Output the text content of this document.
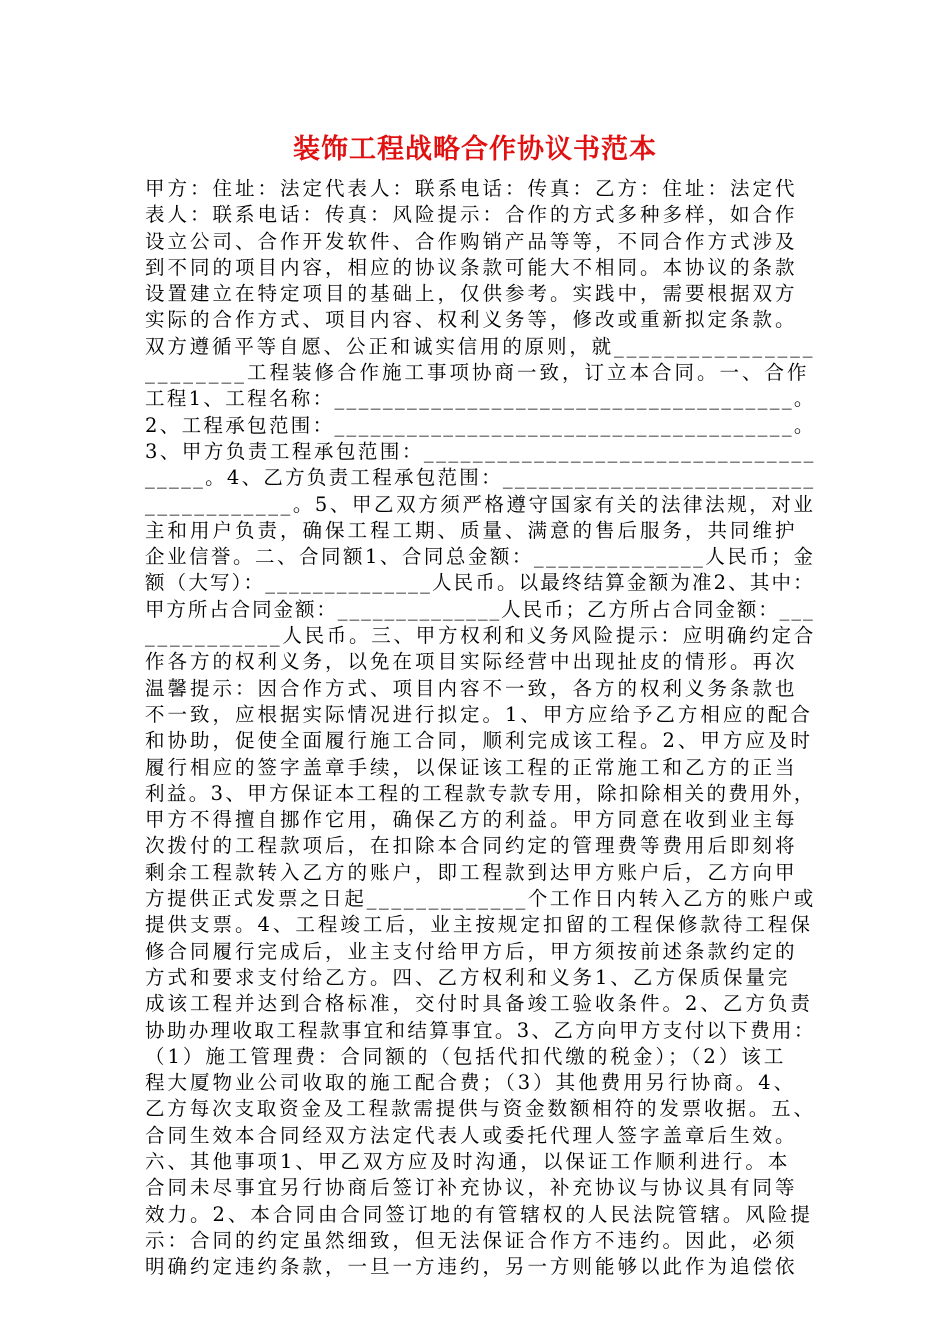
装饰工程战略合作协议书范本
甲方：住址：法定代表人：联系电话：传真：乙方：住址：法定代
表人：联系电话：传真：风险提示：合作的方式多种多样，如合作
设立公司、合作开发软件、合作购销产品等等，不同合作方式涉及
到不同的项目内容，相应的协议条款可能大不相同。本协议的条款
设置建立在特定项目的基础上，仅供参考。实践中，需要根据双方
实际的合作方式、项目内容、权利义务等，修改或重新拟定条款。
双方遵循平等自愿、公正和诚实信用的原则，就________________
________工程装修合作施工事项协商一致，订立本合同。一、合作
工程1、工程名称：______________________________________。
2、工程承包范围：______________________________________。
3、甲方负责工程承包范围：________________________________
_____。4、乙方负责工程承包范围：__________________________
____________。5、甲乙双方须严格遵守国家有关的法律法规，对业
主和用户负责，确保工程工期、质量、满意的售后服务，共同维护
企业信誉。二、合同额1、合同总金额：______________人民币；金
额（大写）：______________人民币。以最终结算金额为准2、其中：
甲方所占合同金额：______________人民币；乙方所占合同金额：___
___________人民币。三、甲方权利和义务风险提示：应明确约定合
作各方的权利义务，以免在项目实际经营中出现扯皮的情形。再次
温馨提示：因合作方式、项目内容不一致，各方的权利义务条款也
不一致，应根据实际情况进行拟定。1、甲方应给予乙方相应的配合
和协助，促使全面履行施工合同，顺利完成该工程。2、甲方应及时
履行相应的签字盖章手续，以保证该工程的正常施工和乙方的正当
利益。3、甲方保证本工程的工程款专款专用，除扣除相关的费用外，
甲方不得擅自挪作它用，确保乙方的利益。甲方同意在收到业主每
次拨付的工程款项后，在扣除本合同约定的管理费等费用后即刻将
剩余工程款转入乙方的账户，即工程款到达甲方账户后，乙方向甲
方提供正式发票之日起_____________个工作日内转入乙方的账户或
提供支票。4、工程竣工后，业主按规定扣留的工程保修款待工程保
修合同履行完成后，业主支付给甲方后，甲方须按前述条款约定的
方式和要求支付给乙方。四、乙方权利和义务1、乙方保质保量完
成该工程并达到合格标准，交付时具备竣工验收条件。2、乙方负责
协助办理收取工程款事宜和结算事宜。3、乙方向甲方支付以下费用：
（1）施工管理费：合同额的（包括代扣代缴的税金）；（2）该工
程大厦物业公司收取的施工配合费；（3）其他费用另行协商。4、
乙方每次支取资金及工程款需提供与资金数额相符的发票收据。五、
合同生效本合同经双方法定代表人或委托代理人签字盖章后生效。
六、其他事项1、甲乙双方应及时沟通，以保证工作顺利进行。本
合同未尽事宜另行协商后签订补充协议，补充协议与协议具有同等
效力。2、本合同由合同签订地的有管辖权的人民法院管辖。风险提
示：合同的约定虽然细致，但无法保证合作方不违约。因此，必须
明确约定违约条款，一旦一方违约，另一方则能够以此作为追偿依
